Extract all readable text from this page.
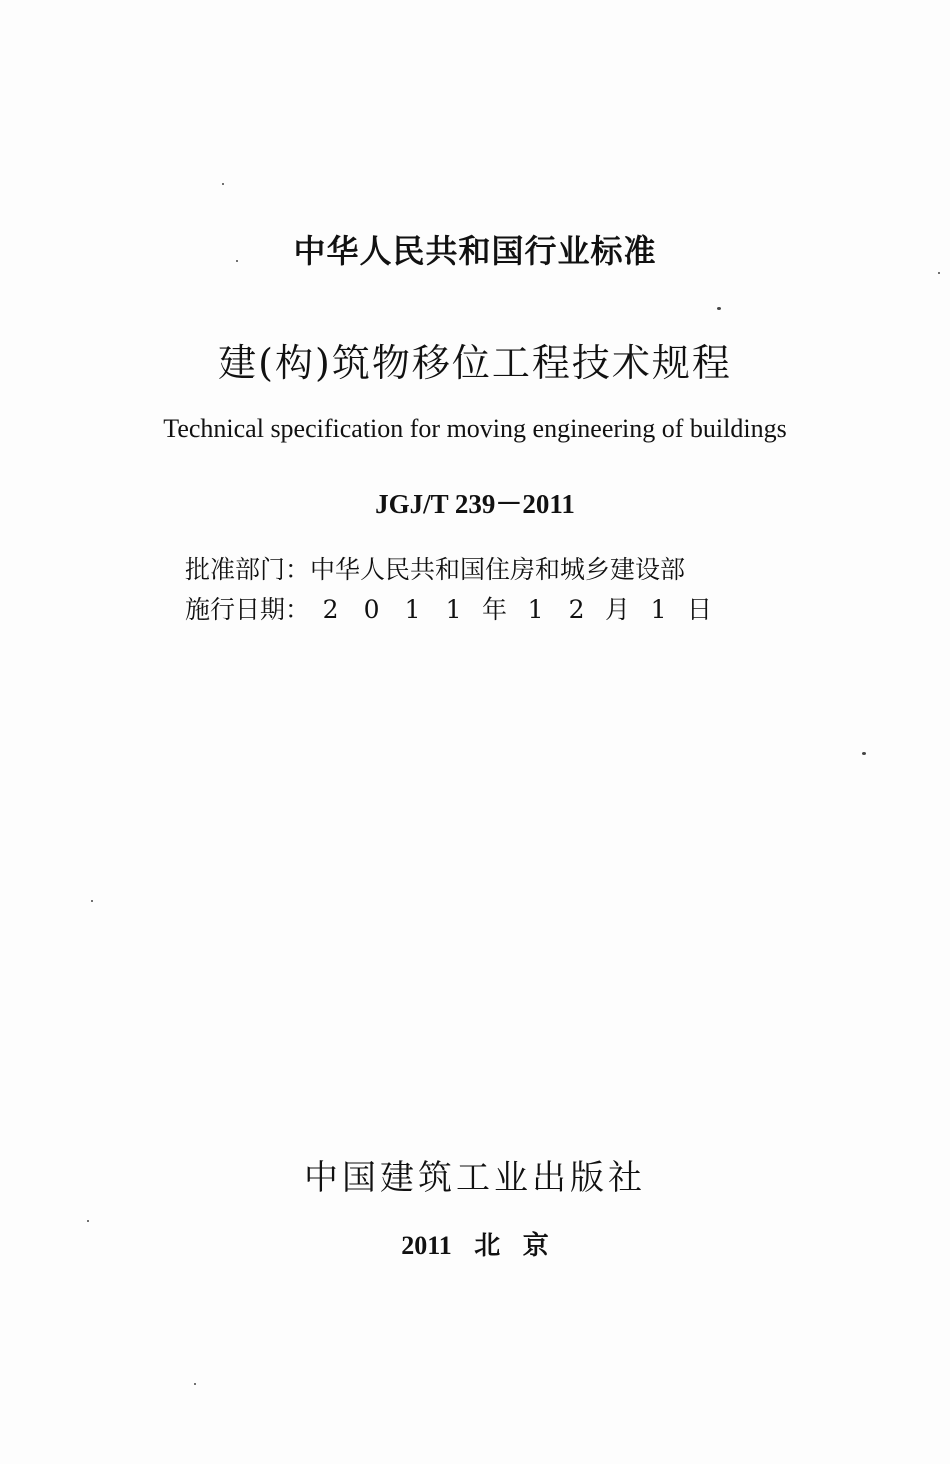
中华人民共和国行业标准
建(构)筑物移位工程技术规程
Technical specification for moving engineering of buildings
JGJ/T 239－2011
批准部门：中华人民共和国住房和城乡建设部
施行日期： 2 0 1 1 年 1 2 月 1 日
中国建筑工业出版社
2011 北 京
